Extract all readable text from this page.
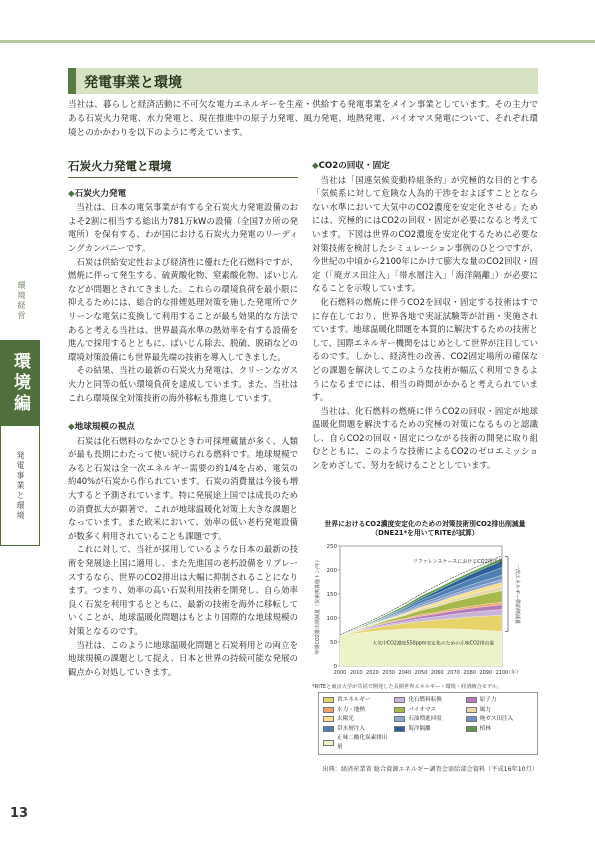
環境経営
環境編
発電事業と環境
発電事業と環境
当社は、暮らしと経済活動に不可欠な電力エネルギーを生産・供給する発電事業をメイン事業としています。その主力である石炭火力発電、水力発電と、現在推進中の原子力発電、風力発電、地熱発電、バイオマス発電について、それぞれ環境とのかかわりを以下のように考えています。
石炭火力発電と環境
◆石炭火力発電

当社は、日本の電気事業が有する全石炭火力発電設備のおよそ2割に相当する総出力781万kWの設備（全国7カ所の発電所）を保有する、わが国における石炭火力発電のリーディングカンパニーです。

石炭は供給安定性および経済性に優れた化石燃料ですが、燃焼に伴って発生する、硫黄酸化物、窒素酸化物、ばいじんなどが問題とされてきました。これらの環境負荷を最小限に抑えるためには、総合的な排煙処理対策を施した発電所でクリーンな電気に変換して利用することが最も効果的な方法であると考える当社は、世界最高水準の熱効率を有する設備を進んで採用するとともに、ばいじん除去、脱硫、脱硝などの環境対策設備にも世界最先端の技術を導入してきました。

その結果、当社の最新の石炭火力発電は、クリーンなガス火力と同等の低い環境負荷を達成しています。また、当社はこれら環境保全対策技術の海外移転も推進しています。

◆地球規模の視点

石炭は化石燃料のなかでひときわ可採埋蔵量が多く、人類が最も長期にわたって使い続けられる燃料です。地球規模でみると石炭は全一次エネルギー需要の約1/4を占め、電気の約40%が石炭から作られています。石炭の消費量は今後も増大すると予測されています。特に発展途上国では成長のための消費拡大が顕著で、これが地球温暖化対策上大きな課題となっています。また欧米において、効率の低い老朽発電設備が数多く利用されていることも課題です。

これに対して、当社が採用しているような日本の最新の技術を発展途上国に適用し、また先進国の老朽設備をリプレースするなら、世界のCO2排出は大幅に抑制されることになります。つまり、効率の高い石炭利用技術を開発し、自ら効率良く石炭を利用するとともに、最新の技術を海外に移転していくことが、地球温暖化問題はもとより国際的な地球規模の対策となるのです。

当社は、このように地球温暖化問題と石炭利用との両立を地球規模の課題として捉え、日本と世界の持続可能な発展の観点から対処していきます。

◆CO2の回収・固定

当社は「国連気候変動枠組条約」が究極的な目的とする「気候系に対して危険な人為的干渉をおよぼすこととならない水準において大気中のCO2濃度を安定化させる」ためには、究極的にはCO2の回収・固定が必要になると考えています。下図は世界のCO2濃度を安定化するために必要な対策技術を検討したシミュレーション事例のひとつですが、今世紀の中頃から2100年にかけて膨大な量のCO2回収・固定（「廃ガス田注入」「帯水層注入」「海洋隔離」）が必要になることを示唆しています。

化石燃料の燃焼に伴うCO2を回収・固定する技術はすでに存在しており、世界各地で実証試験等が計画・実施されています。地球温暖化問題を本質的に解決するための技術として、国際エネルギー機関をはじめとして世界が注目しているのです。しかし、経済性の改善、CO2固定場所の確保などの課題を解決してこのような技術が幅広く利用できるようになるまでには、相当の時間がかかると考えられています。

当社は、化石燃料の燃焼に伴うCO2の回収・固定が地球温暖化問題を解決するための究極の対策になるものと認識し、自らCO2の回収・固定につながる技術の開発に取り組むとともに、このような技術によるCO2のゼロエミッションをめざして、努力を続けることとしています。

世界におけるCO2濃度安定化のための対策技術別CO2排出削減量
（DNE21*を用いてRITEが試算）
0
50
100
150
200
250
2000 2010 2020 2030 2040 2050 2060 2070 2080 2090 2100
（年）
年間CO2排出削減量（炭素換算億トン/年）	リファレンスケースにおけるCO2排出量
大気中CO2濃度550ppm安定化のための正味CO2排出量
一次エネルギー供給削減量
*RITEと東京大学が共同で開発した長期世界エネルギー・環境・経済統合モデル。
省エネルギー	化石燃料転換	原子力
水力・地熱	バイオマス	風力
太陽光	石油増進回収	廃ガス田注入
帯水層注入	海洋隔離	植林
正味二酸化炭素排出量
出典：経済産業省 総合資源エネルギー調査会需給部会資料（平成16年10月）
13
